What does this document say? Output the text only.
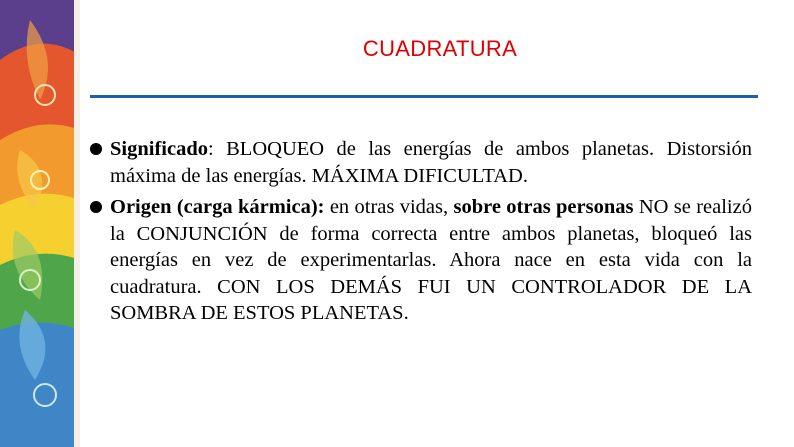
CUADRATURA
Significado: BLOQUEO de las energías de ambos planetas. Distorsión máxima de las energías. MÁXIMA DIFICULTAD.
Origen (carga kármica): en otras vidas, sobre otras personas NO se realizó la CONJUNCIÓN de forma correcta entre ambos planetas, bloqueó las energías en vez de experimentarlas. Ahora nace en esta vida con la cuadratura. CON LOS DEMÁS FUI UN CONTROLADOR DE LA SOMBRA DE ESTOS PLANETAS.
